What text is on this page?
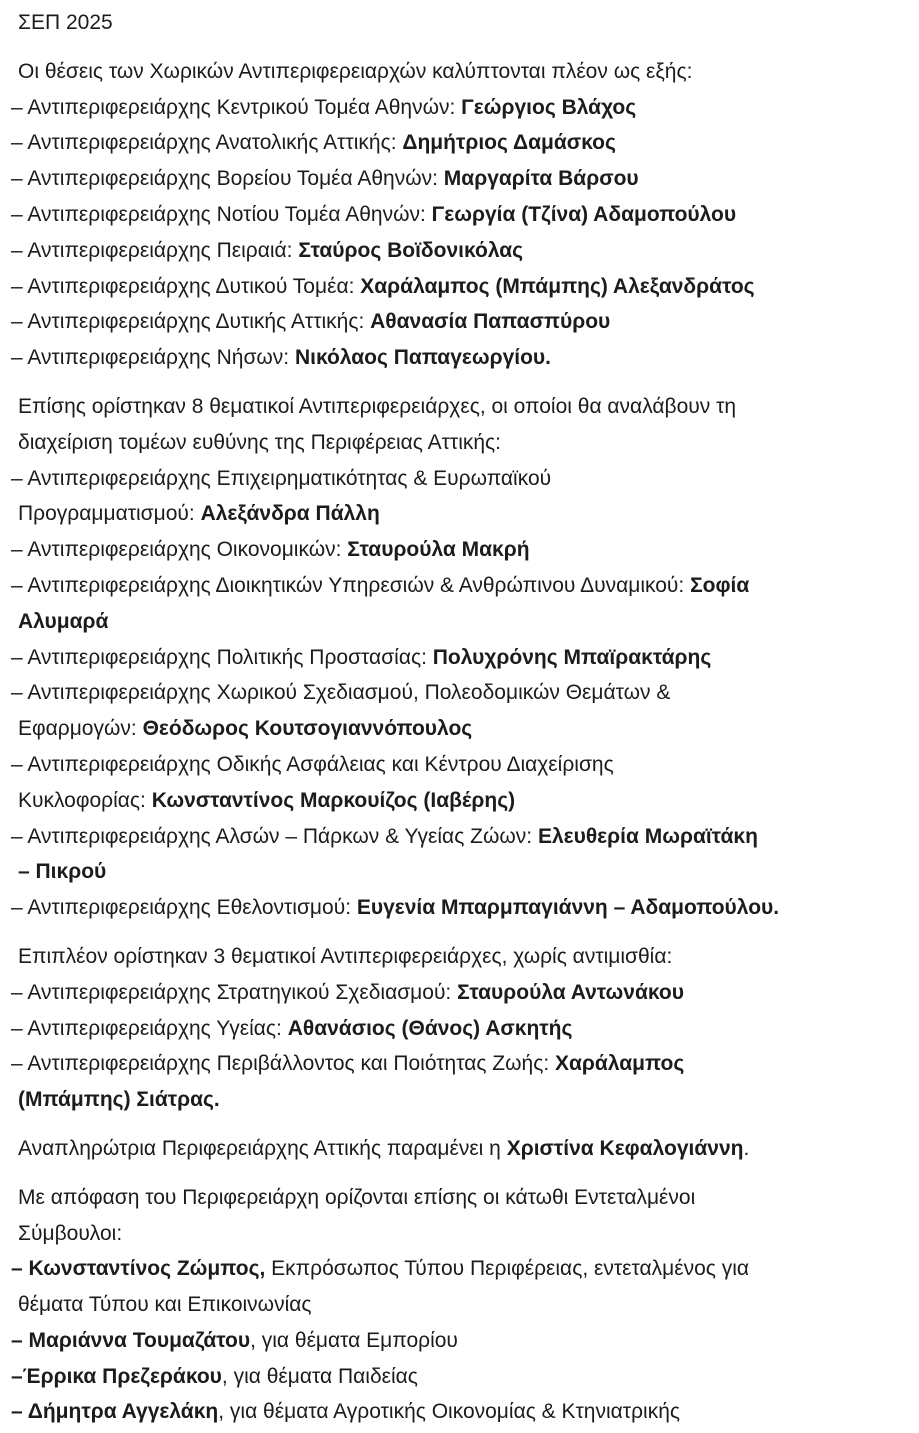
ΣΕΠ 2025

Οι θέσεις των Χωρικών Αντιπεριφερειαρχών καλύπτονται πλέον ως εξής:

– Αντιπεριφερειάρχης Κεντρικού Τομέα Αθηνών: Γεώργιος Βλάχος

– Αντιπεριφερειάρχης Ανατολικής Αττικής: Δημήτριος Δαμάσκος

– Αντιπεριφερειάρχης Βορείου Τομέα Αθηνών: Μαργαρίτα Βάρσου

– Αντιπεριφερειάρχης Νοτίου Τομέα Αθηνών: Γεωργία (Τζίνα) Αδαμοπούλου

– Αντιπεριφερειάρχης Πειραιά: Σταύρος Βοϊδονικόλας

– Αντιπεριφερειάρχης Δυτικού Τομέα: Χαράλαμπος (Μπάμπης) Αλεξανδράτος

– Αντιπεριφερειάρχης Δυτικής Αττικής: Αθανασία Παπασπύρου

– Αντιπεριφερειάρχης Νήσων: Νικόλαος Παπαγεωργίου.

Επίσης ορίστηκαν 8 θεματικοί Αντιπεριφερειάρχες, οι οποίοι θα αναλάβουν τη
διαχείριση τομέων ευθύνης της Περιφέρειας Αττικής:

– Αντιπεριφερειάρχης Επιχειρηματικότητας & Ευρωπαϊκού
Προγραμματισμού: Αλεξάνδρα Πάλλη

– Αντιπεριφερειάρχης Οικονομικών: Σταυρούλα Μακρή

– Αντιπεριφερειάρχης Διοικητικών Υπηρεσιών & Ανθρώπινου Δυναμικού: Σοφία
Αλυμαρά

– Αντιπεριφερειάρχης Πολιτικής Προστασίας: Πολυχρόνης Μπαϊρακτάρης

– Αντιπεριφερειάρχης Χωρικού Σχεδιασμού, Πολεοδομικών Θεμάτων &
Εφαρμογών: Θεόδωρος Κουτσογιαννόπουλος

– Αντιπεριφερειάρχης Οδικής Ασφάλειας και Κέντρου Διαχείρισης
Κυκλοφορίας: Κωνσταντίνος Μαρκουίζος (Ιαβέρης)

– Αντιπεριφερειάρχης Αλσών – Πάρκων & Υγείας Ζώων: Ελευθερία Μωραϊτάκη
– Πικρού

– Αντιπεριφερειάρχης Εθελοντισμού: Ευγενία Μπαρμπαγιάννη – Αδαμοπούλου.

Επιπλέον ορίστηκαν 3 θεματικοί Αντιπεριφερειάρχες, χωρίς αντιμισθία:

– Αντιπεριφερειάρχης Στρατηγικού Σχεδιασμού: Σταυρούλα Αντωνάκου

– Αντιπεριφερειάρχης Υγείας: Αθανάσιος (Θάνος) Ασκητής

– Αντιπεριφερειάρχης Περιβάλλοντος και Ποιότητας Ζωής: Χαράλαμπος
(Μπάμπης) Σιάτρας.

Αναπληρώτρια Περιφερειάρχης Αττικής παραμένει η Χριστίνα Κεφαλογιάννη.

Με απόφαση του Περιφερειάρχη ορίζονται επίσης οι κάτωθι Εντεταλμένοι
Σύμβουλοι:

– Κωνσταντίνος Ζώμπος, Εκπρόσωπος Τύπου Περιφέρειας, εντεταλμένος για
θέματα Τύπου και Επικοινωνίας

– Μαριάννα Τουμαζάτου, για θέματα Εμπορίου

–Έρρικα Πρεζεράκου, για θέματα Παιδείας

– Δήμητρα Αγγελάκη, για θέματα Αγροτικής Οικονομίας & Κτηνιατρικής
